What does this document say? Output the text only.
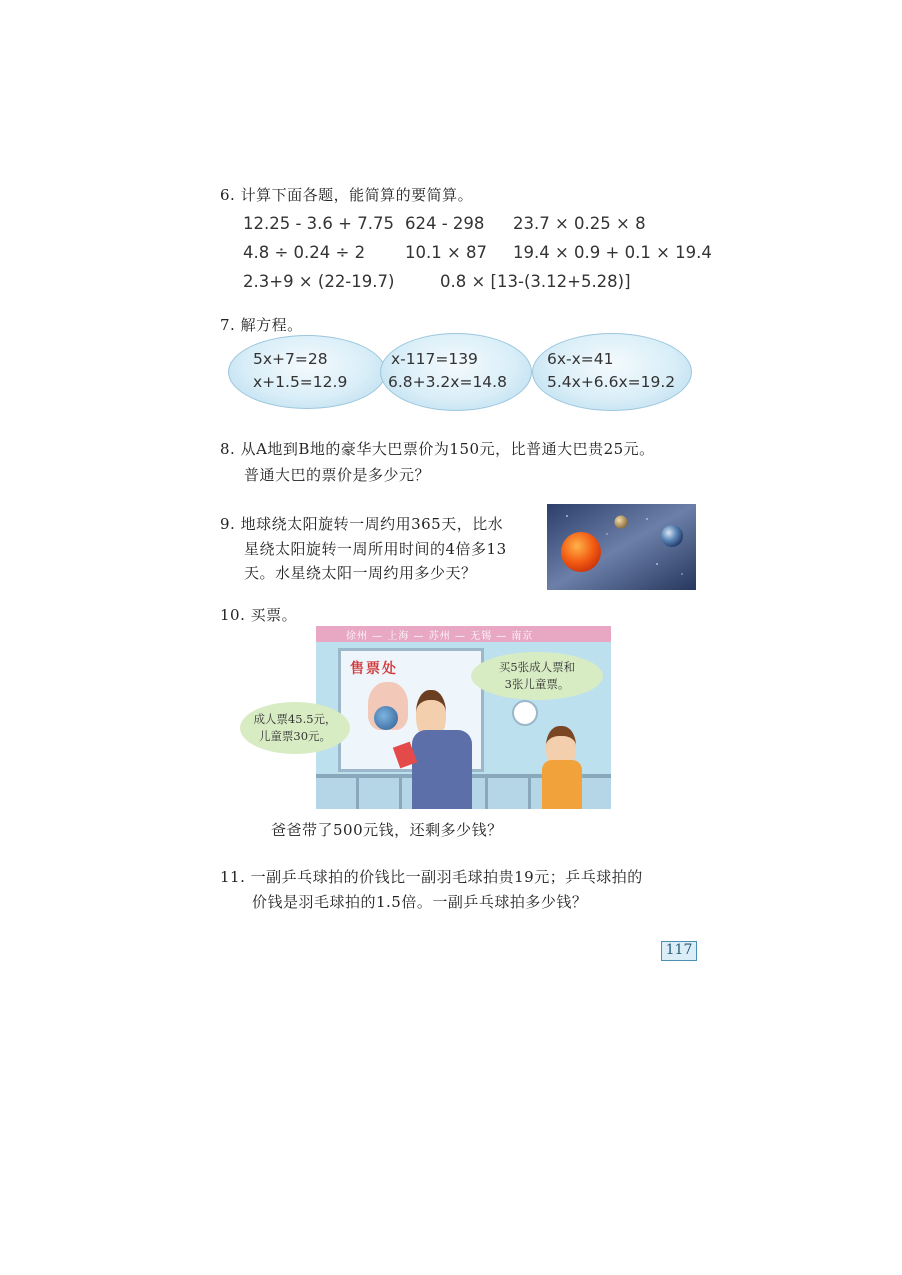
6. 计算下面各题，能简算的要简算。
12.25 - 3.6 + 7.75 624 - 298 23.7 × 0.25 × 8
4.8 ÷ 0.24 ÷ 2 10.1 × 87 19.4 × 0.9 + 0.1 × 19.4
2.3+9 × (22-19.7)	0.8 × [13-(3.12+5.28)]
7. 解方程。
5x+7=28
x+1.5=12.9
x-117=139
6.8+3.2x=14.8
6x-x=41
5.4x+6.6x=19.2
8. 从A地到B地的豪华大巴票价为150元，比普通大巴贵25元。
普通大巴的票价是多少元？
9. 地球绕太阳旋转一周约用365天，比水
星绕太阳旋转一周所用时间的4倍多13
天。水星绕太阳一周约用多少天？
10. 买票。
徐州 — 上海 — 苏州 — 无锡 — 南京
售票处	买5张成人票和
3张儿童票。
成人票45.5元，
儿童票30元。
爸爸带了500元钱，还剩多少钱？
11. 一副乒乓球拍的价钱比一副羽毛球拍贵19元；乒乓球拍的
价钱是羽毛球拍的1.5倍。一副乒乓球拍多少钱？
117
